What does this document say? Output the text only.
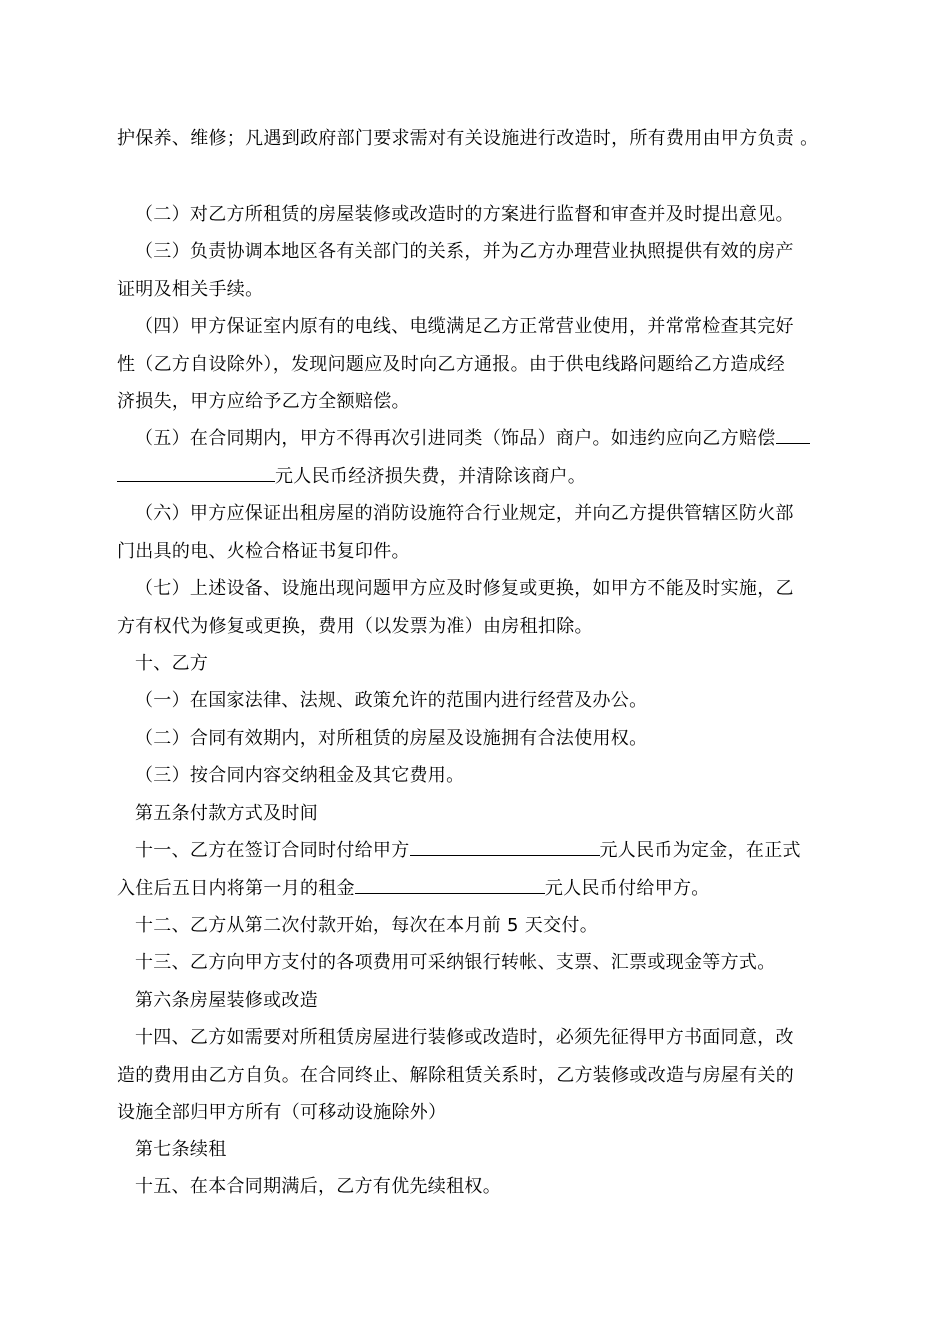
护保养、维修；凡遇到政府部门要求需对有关设施进行改造时，所有费用由甲方负责 。

（二）对乙方所租赁的房屋装修或改造时的方案进行监督和审查并及时提出意见。

（三）负责协调本地区各有关部门的关系，并为乙方办理营业执照提供有效的房产
证明及相关手续。

（四）甲方保证室内原有的电线、电缆满足乙方正常营业使用，并常常检查其完好
性（乙方自设除外），发现问题应及时向乙方通报。由于供电线路问题给乙方造成经
济损失，甲方应给予乙方全额赔偿。

（五）在合同期内，甲方不得再次引进同类（饰品）商户。如违约应向乙方赔偿
元人民币经济损失费，并清除该商户。

（六）甲方应保证出租房屋的消防设施符合行业规定，并向乙方提供管辖区防火部
门出具的电、火检合格证书复印件。

（七）上述设备、设施出现问题甲方应及时修复或更换，如甲方不能及时实施，乙
方有权代为修复或更换，费用（以发票为准）由房租扣除。

十、乙方

（一）在国家法律、法规、政策允许的范围内进行经营及办公。

（二）合同有效期内，对所租赁的房屋及设施拥有合法使用权。

（三）按合同内容交纳租金及其它费用。

第五条付款方式及时间

十一、乙方在签订合同时付给甲方	元人民币为定金，在正式
入住后五日内将第一月的租金	元人民币付给甲方。

十二、乙方从第二次付款开始，每次在本月前 5 天交付。

十三、乙方向甲方支付的各项费用可采纳银行转帐、支票、汇票或现金等方式。

第六条房屋装修或改造

十四、乙方如需要对所租赁房屋进行装修或改造时，必须先征得甲方书面同意，改
造的费用由乙方自负。在合同终止、解除租赁关系时，乙方装修或改造与房屋有关的
设施全部归甲方所有（可移动设施除外）

第七条续租

十五、在本合同期满后，乙方有优先续租权。
